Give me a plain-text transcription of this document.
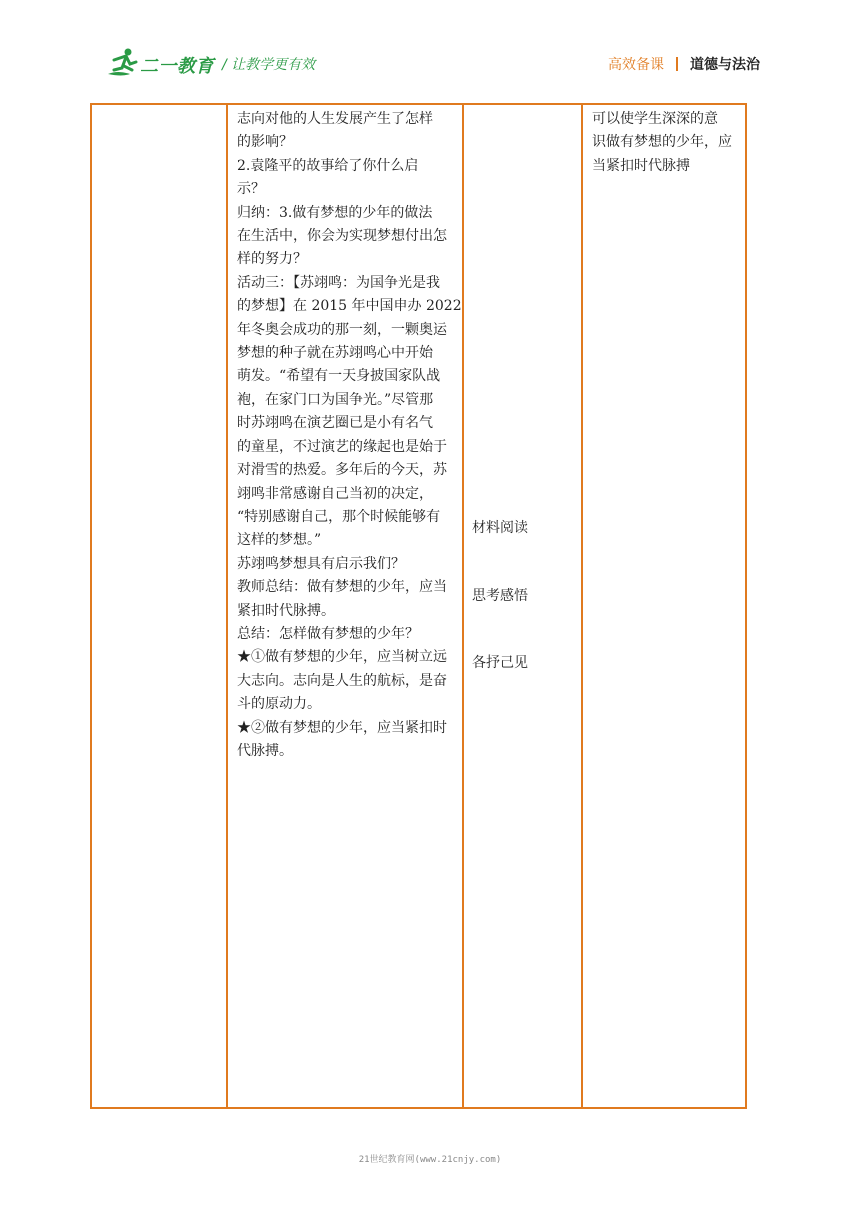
二一教育 / 让教学更有效	高效备课 道德与法治

志向对他的人生发展产生了怎样

的影响？

2.袁隆平的故事给了你什么启

示？

归纳：3.做有梦想的少年的做法

在生活中，你会为实现梦想付出怎

样的努力？

活动三：【苏翊鸣：为国争光是我

的梦想】在 2015 年中国申办 2022

年冬奥会成功的那一刻，一颗奥运

梦想的种子就在苏翊鸣心中开始

萌发。“希望有一天身披国家队战

袍，在家门口为国争光。”尽管那

时苏翊鸣在演艺圈已是小有名气

的童星，不过演艺的缘起也是始于

对滑雪的热爱。多年后的今天，苏

翊鸣非常感谢自己当初的决定，

“特别感谢自己，那个时候能够有

这样的梦想。”

苏翊鸣梦想具有启示我们？

教师总结：做有梦想的少年，应当

紧扣时代脉搏。

总结：怎样做有梦想的少年？

★①做有梦想的少年，应当树立远

大志向。志向是人生的航标，是奋

斗的原动力。

★②做有梦想的少年，应当紧扣时

代脉搏。

材料阅读
思考感悟
各抒己见

可以使学生深深的意

识做有梦想的少年，应

当紧扣时代脉搏

21世纪教育网(www.21cnjy.com)
